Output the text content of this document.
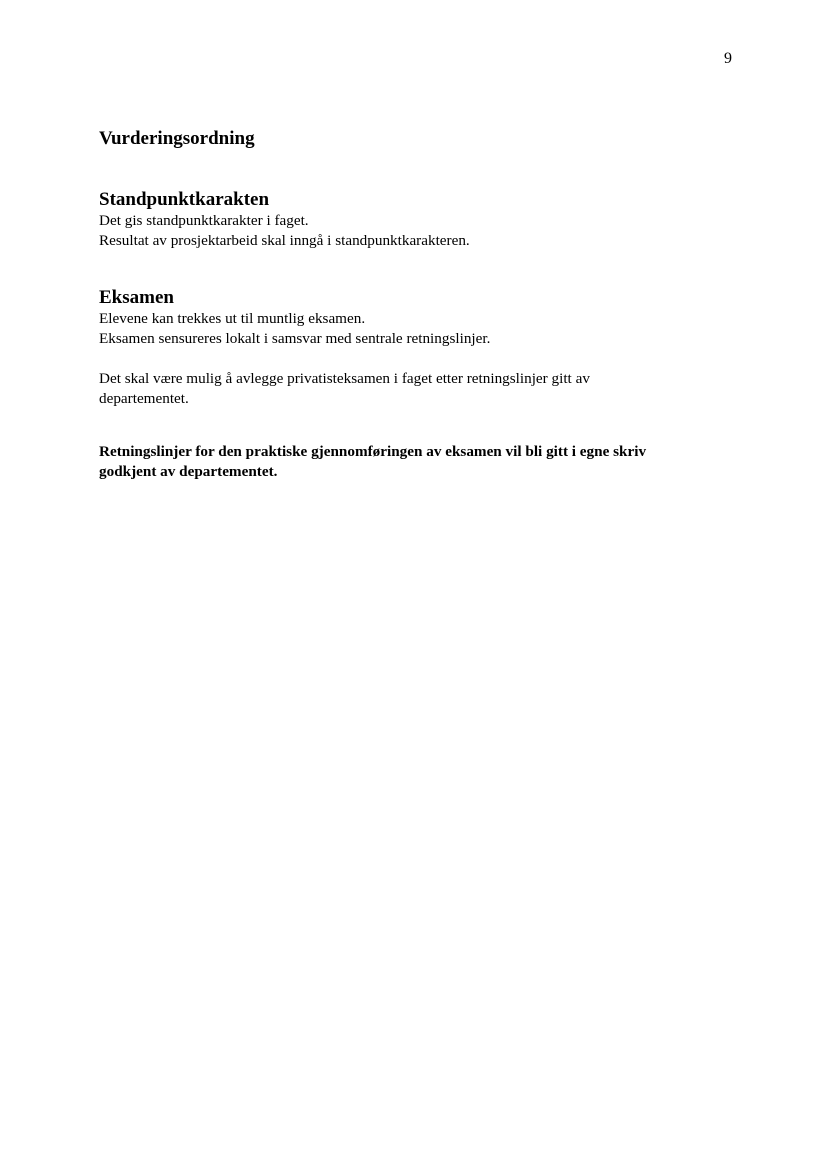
9
Vurderingsordning
Standpunktkarakten

Det gis standpunktkarakter i faget.

Resultat av prosjektarbeid skal inngå i standpunktkarakteren.

Eksamen

Elevene kan trekkes ut til muntlig eksamen.

Eksamen sensureres lokalt i samsvar med sentrale retningslinjer.

Det skal være mulig å avlegge privatisteksamen i faget etter retningslinjer gitt av

departementet.

Retningslinjer for den praktiske gjennomføringen av eksamen vil bli gitt i egne skriv
godkjent av departementet.
